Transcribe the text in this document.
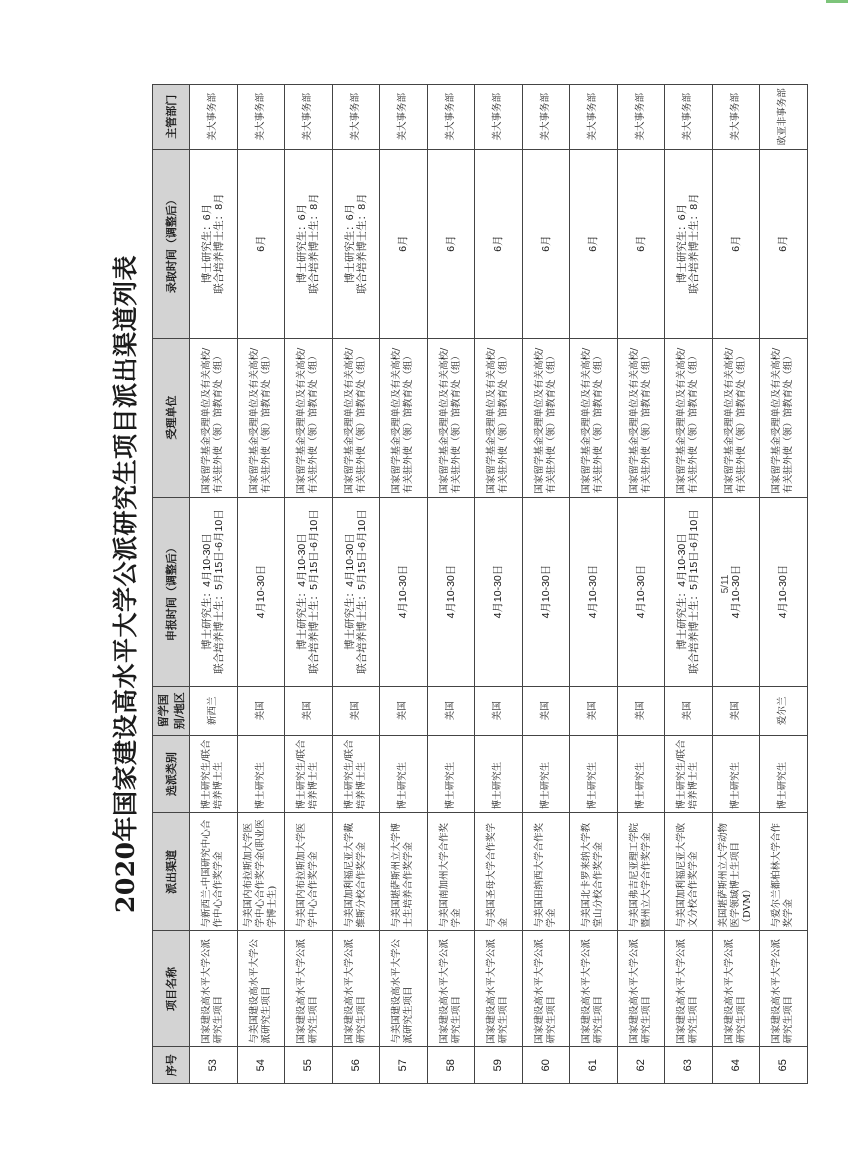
2020年国家建设高水平大学公派研究生项目派出渠道列表
序号	项目名称	派出渠道	选派类别	留学国别/地区	申报时间（调整后）	受理单位	录取时间（调整后）	主管部门
53	国家建设高水平大学公派研究生项目	与新西兰-中国研究中心合作中心合作奖学金	博士研究生/联合培养博士生	新西兰	博士研究生：4月10-30日
联合培养博士生：5月15日-6月10日	国家留学基金受理单位及有关高校/有关驻外使（领）馆教育处（组）	博士研究生：6月
联合培养博士生：8月	美大事务部
54	与美国建设高水平大学公派研究生项目	与美国内布拉斯加大学医学中心合作奖学金(职业医学博士生)	博士研究生	美国	4月10-30日	国家留学基金受理单位及有关高校/有关驻外使（领）馆教育处（组）	6月	美大事务部
55	国家建设高水平大学公派研究生项目	与美国内布拉斯加大学医学中心合作奖学金	博士研究生/联合培养博士生	美国	博士研究生：4月10-30日
联合培养博士生：5月15日-6月10日	国家留学基金受理单位及有关高校/有关驻外使（领）馆教育处（组）	博士研究生：6月
联合培养博士生：8月	美大事务部
56	国家建设高水平大学公派研究生项目	与美国加利福尼亚大学戴维斯分校合作奖学金	博士研究生/联合培养博士生	美国	博士研究生：4月10-30日
联合培养博士生：5月15日-6月10日	国家留学基金受理单位及有关高校/有关驻外使（领）馆教育处（组）	博士研究生：6月
联合培养博士生：8月	美大事务部
57	与美国建设高水平大学公派研究生项目	与美国堪萨斯州立大学博士生培养合作奖学金	博士研究生	美国	4月10-30日	国家留学基金受理单位及有关高校/有关驻外使（领）馆教育处（组）	6月	美大事务部
58	国家建设高水平大学公派研究生项目	与美国南加州大学合作奖学金	博士研究生	美国	4月10-30日	国家留学基金受理单位及有关高校/有关驻外使（领）馆教育处（组）	6月	美大事务部
59	国家建设高水平大学公派研究生项目	与美国圣母大学合作奖学金	博士研究生	美国	4月10-30日	国家留学基金受理单位及有关高校/有关驻外使（领）馆教育处（组）	6月	美大事务部
60	国家建设高水平大学公派研究生项目	与美国田纳西大学合作奖学金	博士研究生	美国	4月10-30日	国家留学基金受理单位及有关高校/有关驻外使（领）馆教育处（组）	6月	美大事务部
61	国家建设高水平大学公派研究生项目	与美国北卡罗来纳大学教堂山分校合作奖学金	博士研究生	美国	4月10-30日	国家留学基金受理单位及有关高校/有关驻外使（领）馆教育处（组）	6月	美大事务部
62	国家建设高水平大学公派研究生项目	与美国弗吉尼亚理工学院暨州立大学合作奖学金	博士研究生	美国	4月10-30日	国家留学基金受理单位及有关高校/有关驻外使（领）馆教育处（组）	6月	美大事务部
63	国家建设高水平大学公派研究生项目	与美国加利福尼亚大学欧文分校合作奖学金	博士研究生/联合培养博士生	美国	博士研究生：4月10-30日
联合培养博士生：5月15日-6月10日	国家留学基金受理单位及有关高校/有关驻外使（领）馆教育处（组）	博士研究生：6月
联合培养博士生：8月	美大事务部
64	国家建设高水平大学公派研究生项目	美国堪萨斯州立大学动物医学领域博士生项目（DVM）	博士研究生	美国	4月10-30日	国家留学基金受理单位及有关高校/有关驻外使（领）馆教育处（组）	6月	美大事务部
65	国家建设高水平大学公派研究生项目	与爱尔兰都柏林大学合作奖学金	博士研究生	爱尔兰	4月10-30日	国家留学基金受理单位及有关高校/有关驻外使（领）馆教育处（组）	6月	欧亚非事务部
5/11
